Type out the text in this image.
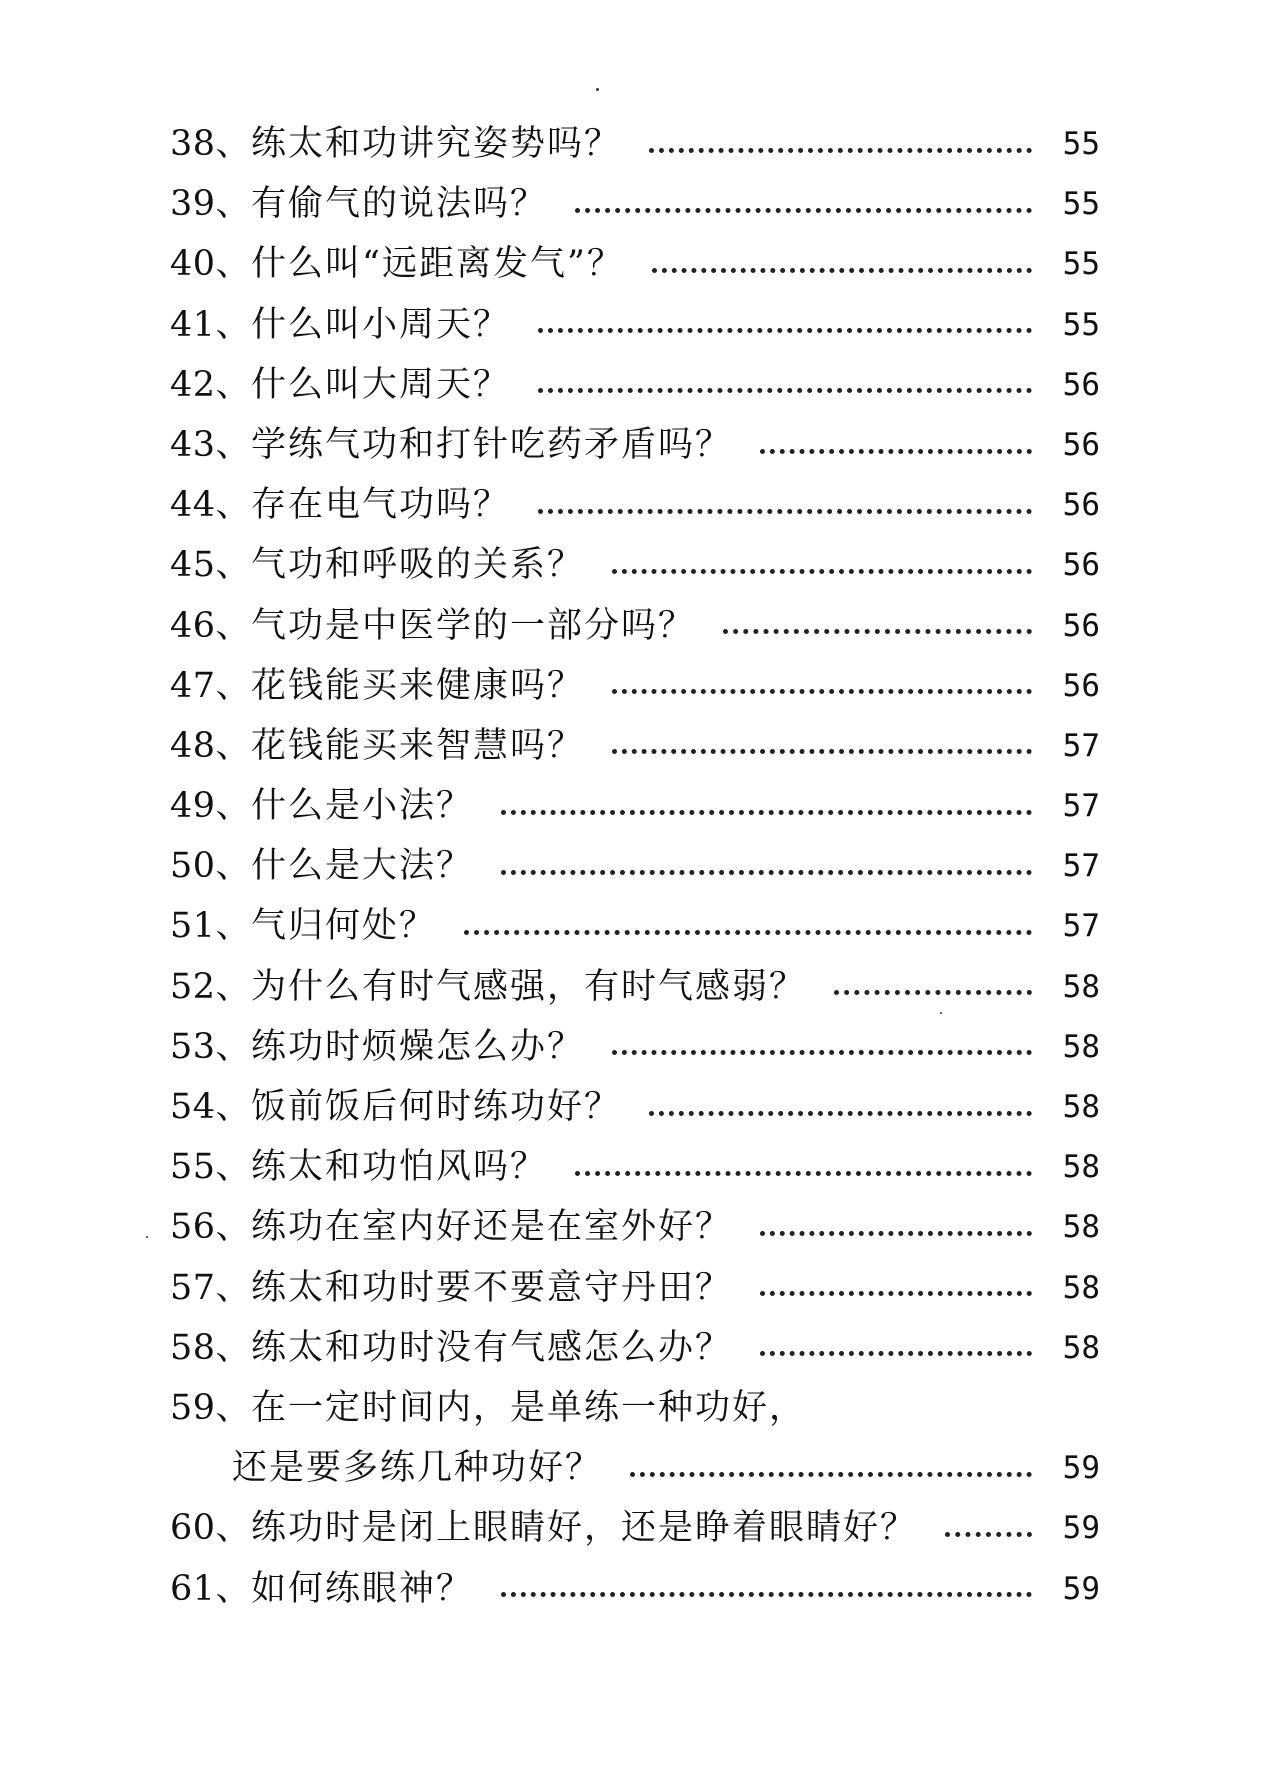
38、 练太和功讲究姿势吗？	55
39、 有偷气的说法吗？	55
40、 什么叫“远距离发气”？	55
41、 什么叫小周天？	55
42、 什么叫大周天？	56
43、 学练气功和打针吃药矛盾吗？	56
44、 存在电气功吗？	56
45、 气功和呼吸的关系？	56
46、 气功是中医学的一部分吗？	56
47、 花钱能买来健康吗？	56
48、 花钱能买来智慧吗？	57
49、 什么是小法？	57
50、 什么是大法？	57
51、 气归何处？	57
52、 为什么有时气感强，有时气感弱？	58
53、 练功时烦燥怎么办？	58
54、 饭前饭后何时练功好？	58
55、 练太和功怕风吗？	58
56、 练功在室内好还是在室外好？	58
57、 练太和功时要不要意守丹田？	58
58、 练太和功时没有气感怎么办？	58
59、 在一定时间内，是单练一种功好，
还是要多练几种功好？	59
60、 练功时是闭上眼睛好，还是睁着眼睛好？	59
61、 如何练眼神？	59
